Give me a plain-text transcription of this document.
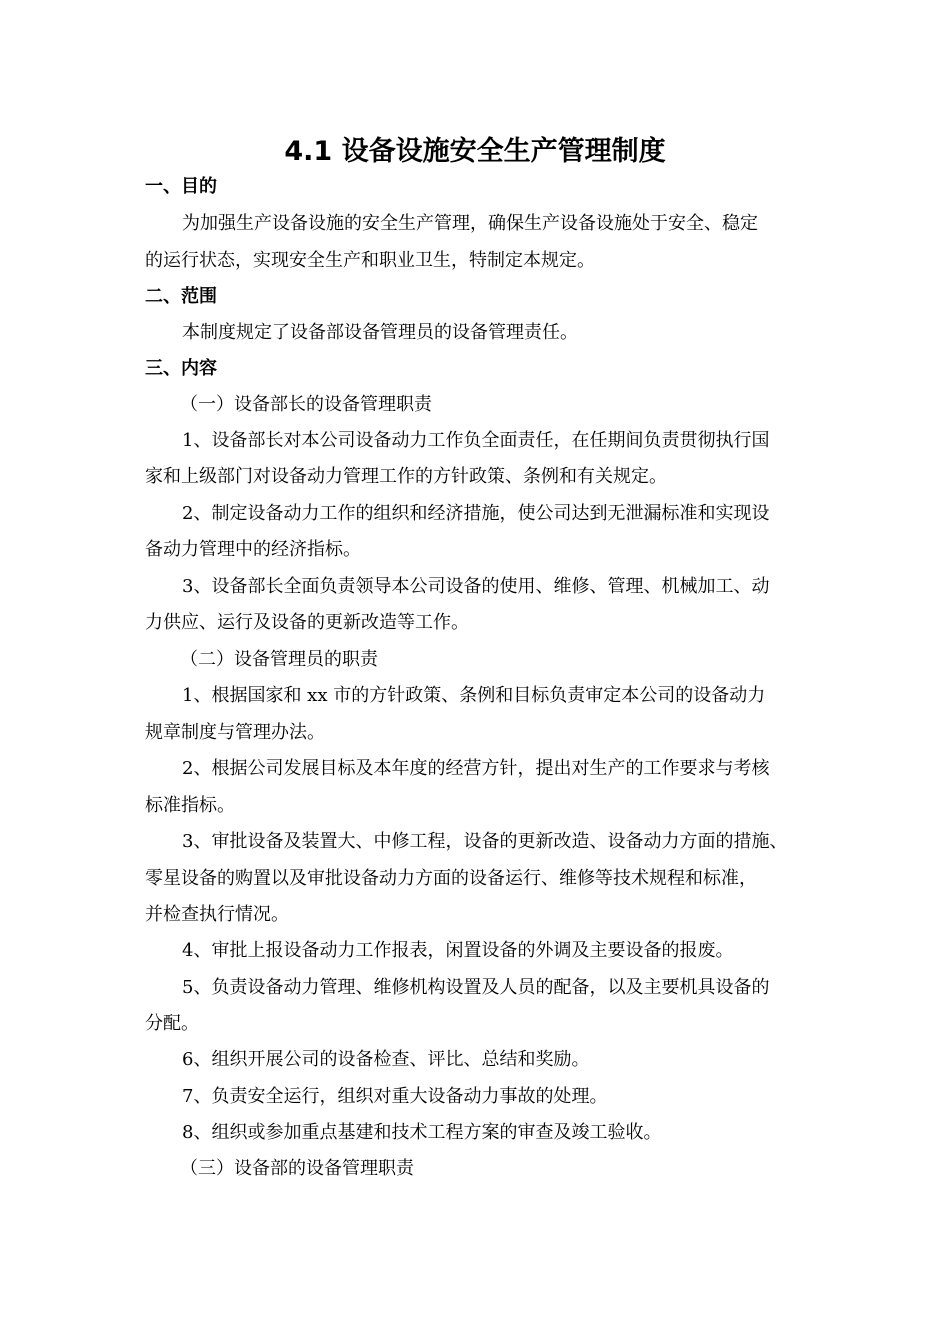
4.1 设备设施安全生产管理制度
一、目的
为加强生产设备设施的安全生产管理，确保生产设备设施处于安全、稳定
的运行状态，实现安全生产和职业卫生，特制定本规定。
二、范围
本制度规定了设备部设备管理员的设备管理责任。
三、内容
（一）设备部长的设备管理职责
1、设备部长对本公司设备动力工作负全面责任，在任期间负责贯彻执行国
家和上级部门对设备动力管理工作的方针政策、条例和有关规定。
2、制定设备动力工作的组织和经济措施，使公司达到无泄漏标准和实现设
备动力管理中的经济指标。
3、设备部长全面负责领导本公司设备的使用、维修、管理、机械加工、动
力供应、运行及设备的更新改造等工作。
（二）设备管理员的职责
1、根据国家和 xx 市的方针政策、条例和目标负责审定本公司的设备动力
规章制度与管理办法。
2、根据公司发展目标及本年度的经营方针，提出对生产的工作要求与考核
标准指标。
3、审批设备及装置大、中修工程，设备的更新改造、设备动力方面的措施、
零星设备的购置以及审批设备动力方面的设备运行、维修等技术规程和标准，
并检查执行情况。
4、审批上报设备动力工作报表，闲置设备的外调及主要设备的报废。
5、负责设备动力管理、维修机构设置及人员的配备，以及主要机具设备的
分配。
6、组织开展公司的设备检查、评比、总结和奖励。
7、负责安全运行，组织对重大设备动力事故的处理。
8、组织或参加重点基建和技术工程方案的审查及竣工验收。
（三）设备部的设备管理职责
